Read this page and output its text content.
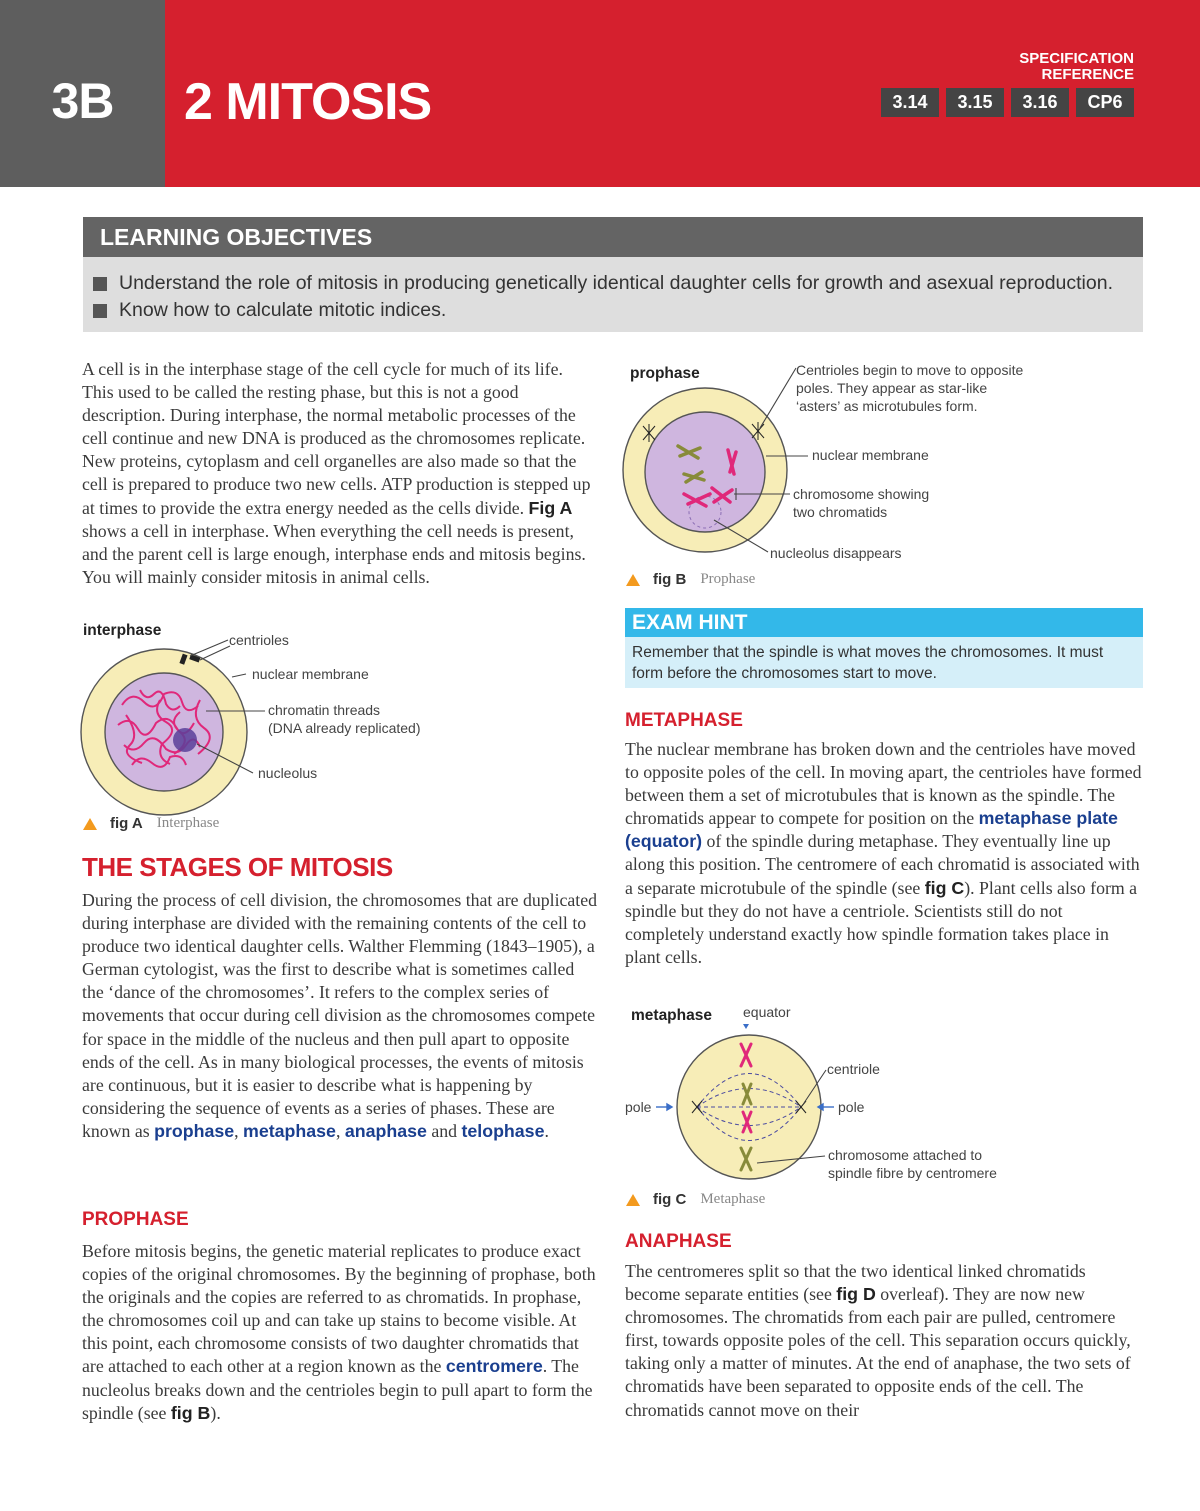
3B	2 MITOSIS
SPECIFICATION
REFERENCE
3.14	3.15	3.16	CP6
LEARNING OBJECTIVES
Understand the role of mitosis in producing genetically identical daughter cells for growth and asexual reproduction.
Know how to calculate mitotic indices.

A cell is in the interphase stage of the cell cycle for much of its life. This used to be called the resting phase, but this is not a good description. During interphase, the normal metabolic processes of the cell continue and new DNA is produced as the chromosomes replicate. New proteins, cytoplasm and cell organelles are also made so that the cell is prepared to produce two new cells. ATP production is stepped up at times to provide the extra energy needed as the cells divide. Fig A shows a cell in interphase. When everything the cell needs is present, and the parent cell is large enough, interphase ends and mitosis begins. You will mainly consider mitosis in animal cells.

interphase
centrioles
nuclear membrane
chromatin threads
(DNA already replicated)
nucleolus
fig A Interphase
THE STAGES OF MITOSIS

During the process of cell division, the chromosomes that are duplicated during interphase are divided with the remaining contents of the cell to produce two identical daughter cells. Walther Flemming (1843–1905), a German cytologist, was the first to describe what is sometimes called the ‘dance of the chromosomes’. It refers to the complex series of movements that occur during cell division as the chromosomes compete for space in the middle of the nucleus and then pull apart to opposite ends of the cell. As in many biological processes, the events of mitosis are continuous, but it is easier to describe what is happening by considering the sequence of events as a series of phases. These are known as prophase, metaphase, anaphase and telophase.

PROPHASE

Before mitosis begins, the genetic material replicates to produce exact copies of the original chromosomes. By the beginning of prophase, both the originals and the copies are referred to as chromatids. In prophase, the chromosomes coil up and can take up stains to become visible. At this point, each chromosome consists of two daughter chromatids that are attached to each other at a region known as the centromere. The nucleolus breaks down and the centrioles begin to pull apart to form the spindle (see fig B).

prophase	Centrioles begin to move to opposite
poles. They appear as star-like
‘asters’ as microtubules form.
nuclear membrane
chromosome showing
two chromatids
nucleolus disappears
fig B Prophase
EXAM HINT
Remember that the spindle is what moves the chromosomes. It must form before the chromosomes start to move.
METAPHASE

The nuclear membrane has broken down and the centrioles have moved to opposite poles of the cell. In moving apart, the centrioles have formed between them a set of microtubules that is known as the spindle. The chromatids appear to compete for position on the metaphase plate (equator) of the spindle during metaphase. They eventually line up along this position. The centromere of each chromatid is associated with a separate microtubule of the spindle (see fig C). Plant cells also form a spindle but they do not have a centriole. Scientists still do not completely understand exactly how spindle formation takes place in plant cells.

metaphase equator
centriole
pole	pole
chromosome attached to
spindle fibre by centromere
fig C Metaphase
ANAPHASE

The centromeres split so that the two identical linked chromatids become separate entities (see fig D overleaf). They are now new chromosomes. The chromatids from each pair are pulled, centromere first, towards opposite poles of the cell. This separation occurs quickly, taking only a matter of minutes. At the end of anaphase, the two sets of chromatids have been separated to opposite ends of the cell. The chromatids cannot move on their
